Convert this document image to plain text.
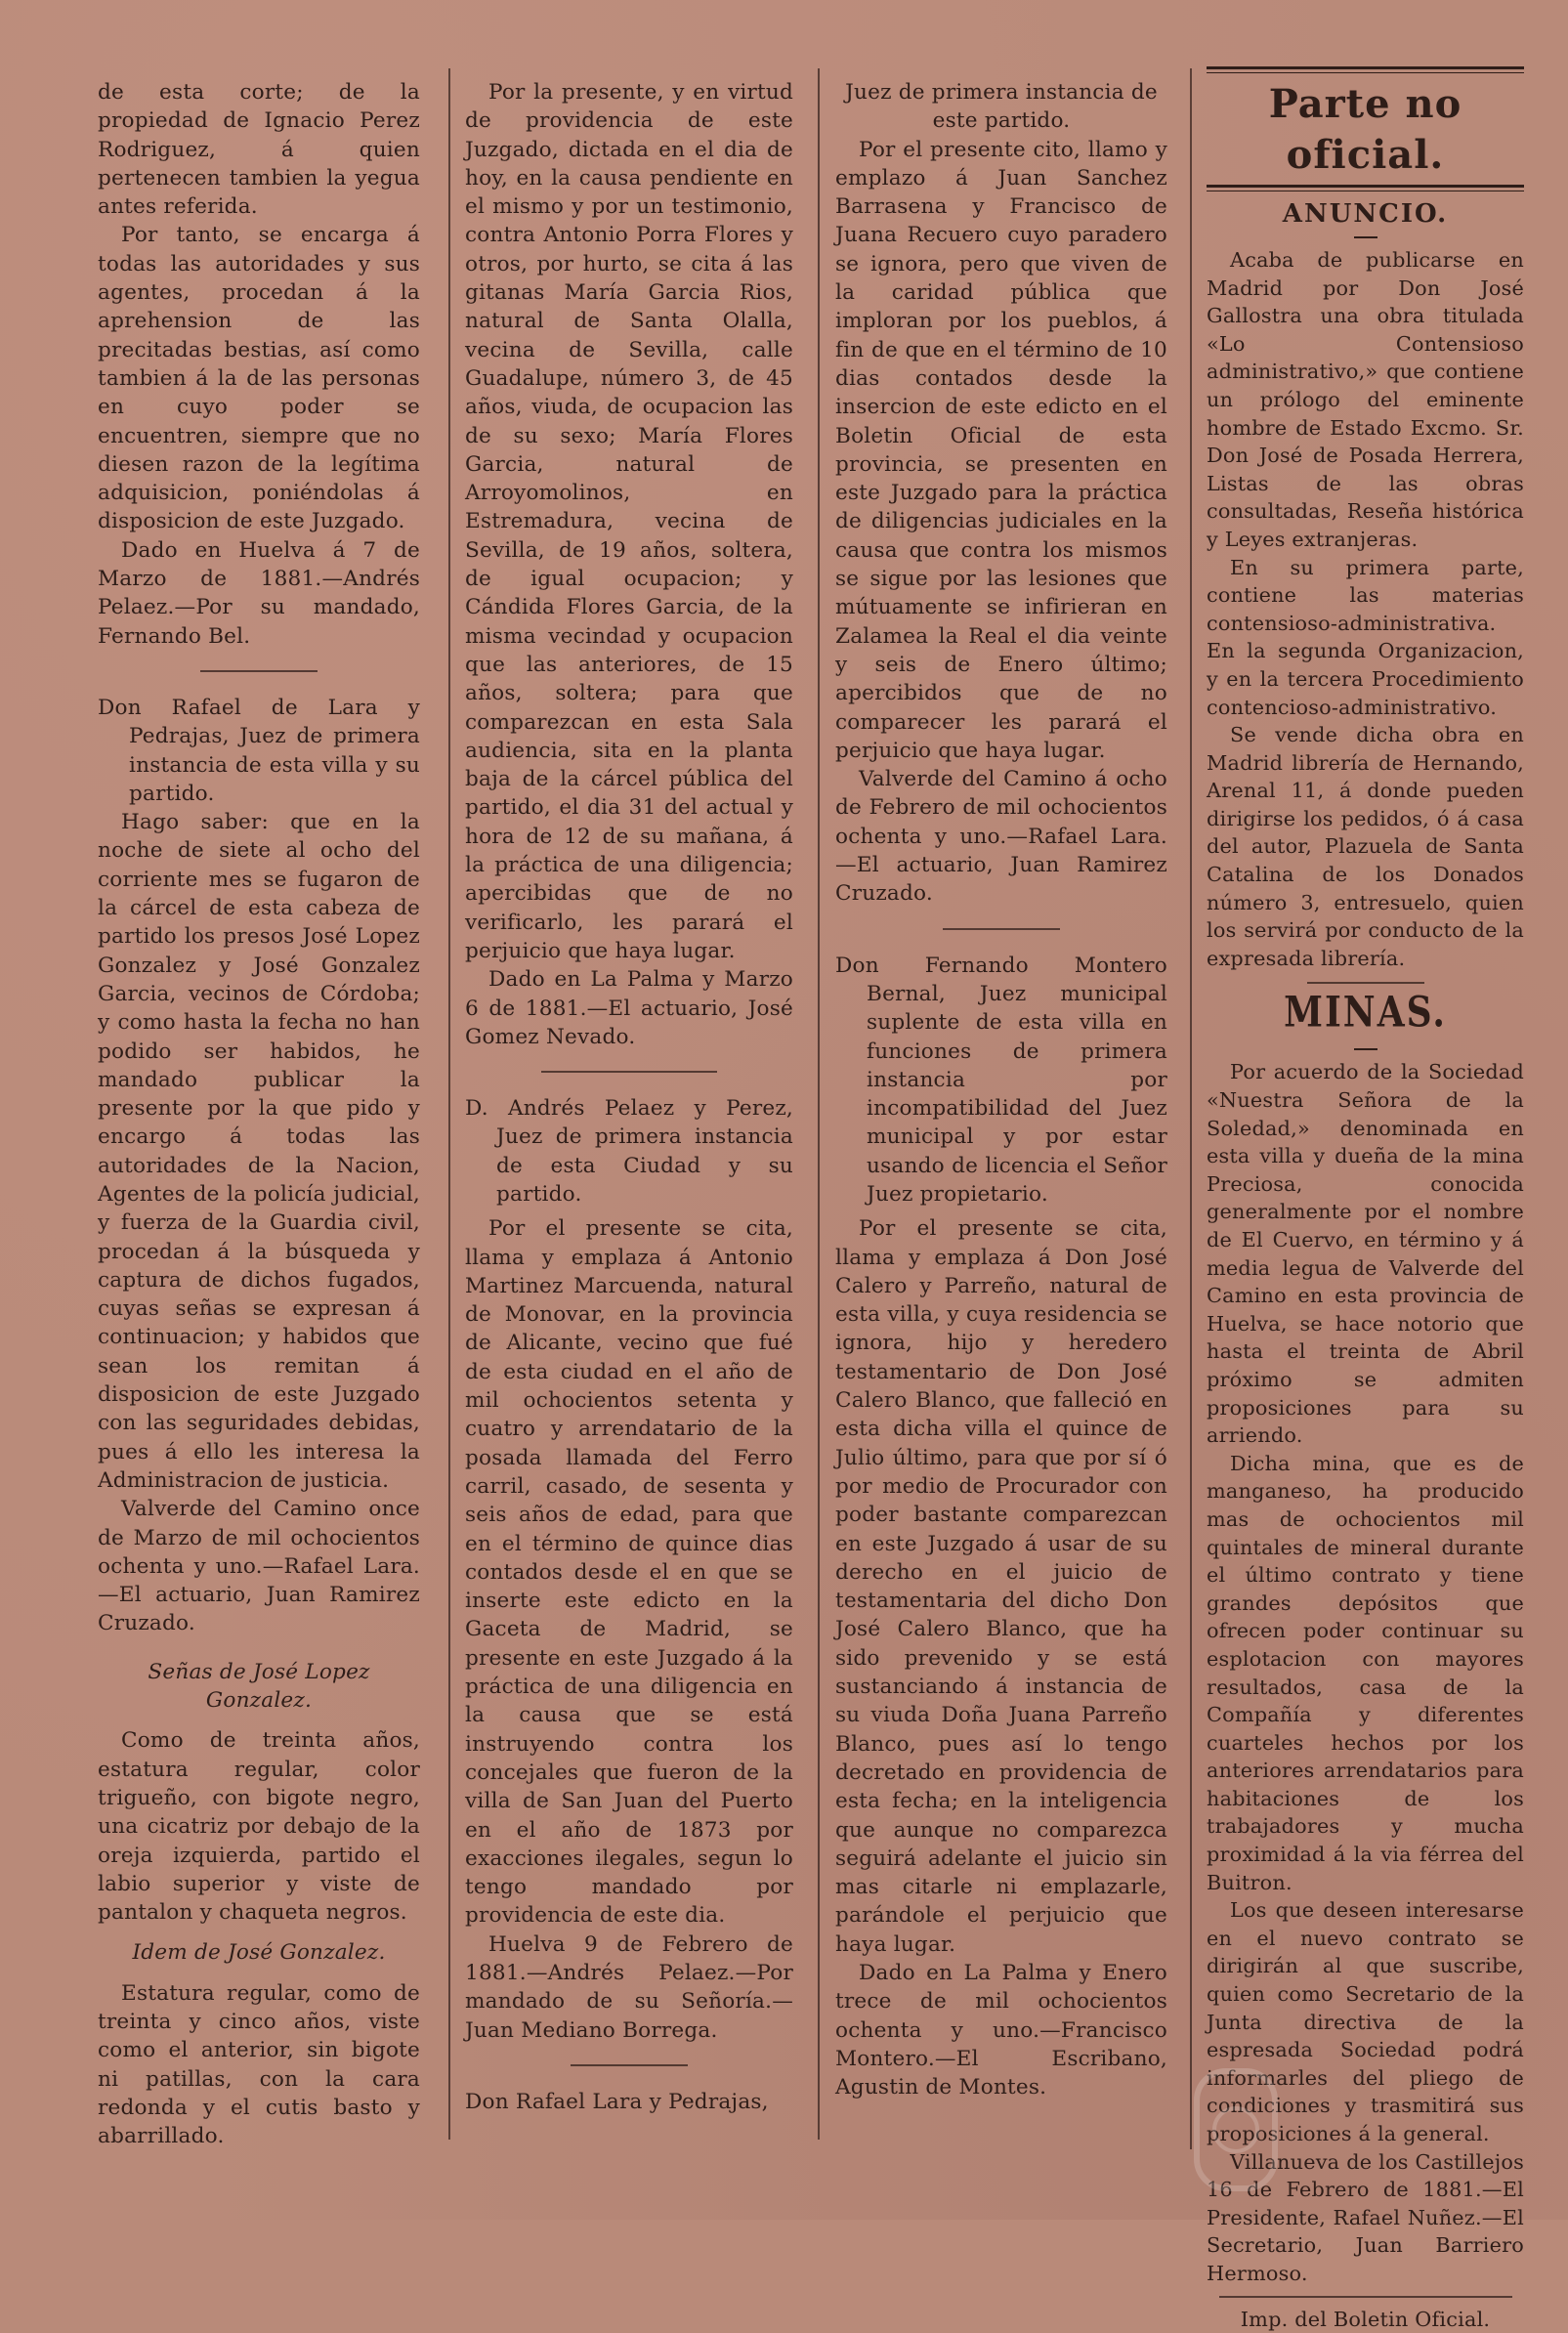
de esta corte; de la propiedad de Ignacio Perez Rodriguez, á quien pertenecen tambien la yegua antes referida.

Por tanto, se encarga á todas las autoridades y sus agentes, procedan á la aprehension de las precitadas bestias, así como tambien á la de las personas en cuyo poder se encuentren, siempre que no diesen razon de la legítima adquisicion, poniéndolas á disposicion de este Juzgado.

Dado en Huelva á 7 de Marzo de 1881.—Andrés Pelaez.—Por su mandado, Fernando Bel.

Don Rafael de Lara y Pedrajas, Juez de primera instancia de esta villa y su partido.

Hago saber: que en la noche de siete al ocho del corriente mes se fugaron de la cárcel de esta cabeza de partido los presos José Lopez Gonzalez y José Gonzalez Garcia, vecinos de Córdoba; y como hasta la fecha no han podido ser habidos, he mandado publicar la presente por la que pido y encargo á todas las autoridades de la Nacion, Agentes de la policía judicial, y fuerza de la Guardia civil, procedan á la búsqueda y captura de dichos fugados, cuyas señas se expresan á continuacion; y habidos que sean los remitan á disposicion de este Juzgado con las seguridades debidas, pues á ello les interesa la Administracion de justicia.

Valverde del Camino once de Marzo de mil ochocientos ochenta y uno.—Rafael Lara.—El actuario, Juan Ramirez Cruzado.

Señas de José Lopez Gonzalez.

Como de treinta años, estatura regular, color trigueño, con bigote negro, una cicatriz por debajo de la oreja izquierda, partido el labio superior y viste de pantalon y chaqueta negros.

Idem de José Gonzalez.

Estatura regular, como de treinta y cinco años, viste como el anterior, sin bigote ni patillas, con la cara redonda y el cutis basto y abarrillado.

Por la presente, y en virtud de providencia de este Juzgado, dictada en el dia de hoy, en la causa pendiente en el mismo y por un testimonio, contra Antonio Porra Flores y otros, por hurto, se cita á las gitanas María Garcia Rios, natural de Santa Olalla, vecina de Sevilla, calle Guadalupe, número 3, de 45 años, viuda, de ocupacion las de su sexo; María Flores Garcia, natural de Arroyomolinos, en Estremadura, vecina de Sevilla, de 19 años, soltera, de igual ocupacion; y Cándida Flores Garcia, de la misma vecindad y ocupacion que las anteriores, de 15 años, soltera; para que comparezcan en esta Sala audiencia, sita en la planta baja de la cárcel pública del partido, el dia 31 del actual y hora de 12 de su mañana, á la práctica de una diligencia; apercibidas que de no verificarlo, les parará el perjuicio que haya lugar.

Dado en La Palma y Marzo 6 de 1881.—El actuario, José Gomez Nevado.

D. Andrés Pelaez y Perez, Juez de primera instancia de esta Ciudad y su partido.

Por el presente se cita, llama y emplaza á Antonio Martinez Marcuenda, natural de Monovar, en la provincia de Alicante, vecino que fué de esta ciudad en el año de mil ochocientos setenta y cuatro y arrendatario de la posada llamada del Ferro carril, casado, de sesenta y seis años de edad, para que en el término de quince dias contados desde el en que se inserte este edicto en la Gaceta de Madrid, se presente en este Juzgado á la práctica de una diligencia en la causa que se está instruyendo contra los concejales que fueron de la villa de San Juan del Puerto en el año de 1873 por exacciones ilegales, segun lo tengo mandado por providencia de este dia.

Huelva 9 de Febrero de 1881.—Andrés Pelaez.—Por mandado de su Señoría.—Juan Mediano Borrega.

Don Rafael Lara y Pedrajas,

Juez de primera instancia de este partido.

Por el presente cito, llamo y emplazo á Juan Sanchez Barrasena y Francisco de Juana Recuero cuyo paradero se ignora, pero que viven de la caridad pública que imploran por los pueblos, á fin de que en el término de 10 dias contados desde la insercion de este edicto en el Boletin Oficial de esta provincia, se presenten en este Juzgado para la práctica de diligencias judiciales en la causa que contra los mismos se sigue por las lesiones que mútuamente se infirieran en Zalamea la Real el dia veinte y seis de Enero último; apercibidos que de no comparecer les parará el perjuicio que haya lugar.

Valverde del Camino á ocho de Febrero de mil ochocientos ochenta y uno.—Rafael Lara.—El actuario, Juan Ramirez Cruzado.

Don Fernando Montero Bernal, Juez municipal suplente de esta villa en funciones de primera instancia por incompatibilidad del Juez municipal y por estar usando de licencia el Señor Juez propietario.

Por el presente se cita, llama y emplaza á Don José Calero y Parreño, natural de esta villa, y cuya residencia se ignora, hijo y heredero testamentario de Don José Calero Blanco, que falleció en esta dicha villa el quince de Julio último, para que por sí ó por medio de Procurador con poder bastante comparezcan en este Juzgado á usar de su derecho en el juicio de testamentaria del dicho Don José Calero Blanco, que ha sido prevenido y se está sustanciando á instancia de su viuda Doña Juana Parreño Blanco, pues así lo tengo decretado en providencia de esta fecha; en la inteligencia que aunque no comparezca seguirá adelante el juicio sin mas citarle ni emplazarle, parándole el perjuicio que haya lugar.

Dado en La Palma y Enero trece de mil ochocientos ochenta y uno.—Francisco Montero.—El Escribano, Agustin de Montes.

Parte no oficial.
ANUNCIO.

Acaba de publicarse en Madrid por Don José Gallostra una obra titulada «Lo Contensioso administrativo,» que contiene un prólogo del eminente hombre de Estado Excmo. Sr. Don José de Posada Herrera, Listas de las obras consultadas, Reseña histórica y Leyes extranjeras.

En su primera parte, contiene las materias contensioso-administrativa. En la segunda Organizacion, y en la tercera Procedimiento contencioso-administrativo.

Se vende dicha obra en Madrid librería de Hernando, Arenal 11, á donde pueden dirigirse los pedidos, ó á casa del autor, Plazuela de Santa Catalina de los Donados número 3, entresuelo, quien los servirá por conducto de la expresada librería.

MINAS.

Por acuerdo de la Sociedad «Nuestra Señora de la Soledad,» denominada en esta villa y dueña de la mina Preciosa, conocida generalmente por el nombre de El Cuervo, en término y á media legua de Valverde del Camino en esta provincia de Huelva, se hace notorio que hasta el treinta de Abril próximo se admiten proposiciones para su arriendo.

Dicha mina, que es de manganeso, ha producido mas de ochocientos mil quintales de mineral durante el último contrato y tiene grandes depósitos que ofrecen poder continuar su esplotacion con mayores resultados, casa de la Compañía y diferentes cuarteles hechos por los anteriores arrendatarios para habitaciones de los trabajadores y mucha proximidad á la via férrea del Buitron.

Los que deseen interesarse en el nuevo contrato se dirigirán al que suscribe, quien como Secretario de la Junta directiva de la espresada Sociedad podrá informarles del pliego de condiciones y trasmitirá sus proposiciones á la general.

Villanueva de los Castillejos 16 de Febrero de 1881.—El Presidente, Rafael Nuñez.—El Secretario, Juan Barriero Hermoso.

Imp. del Boletin Oficial.
